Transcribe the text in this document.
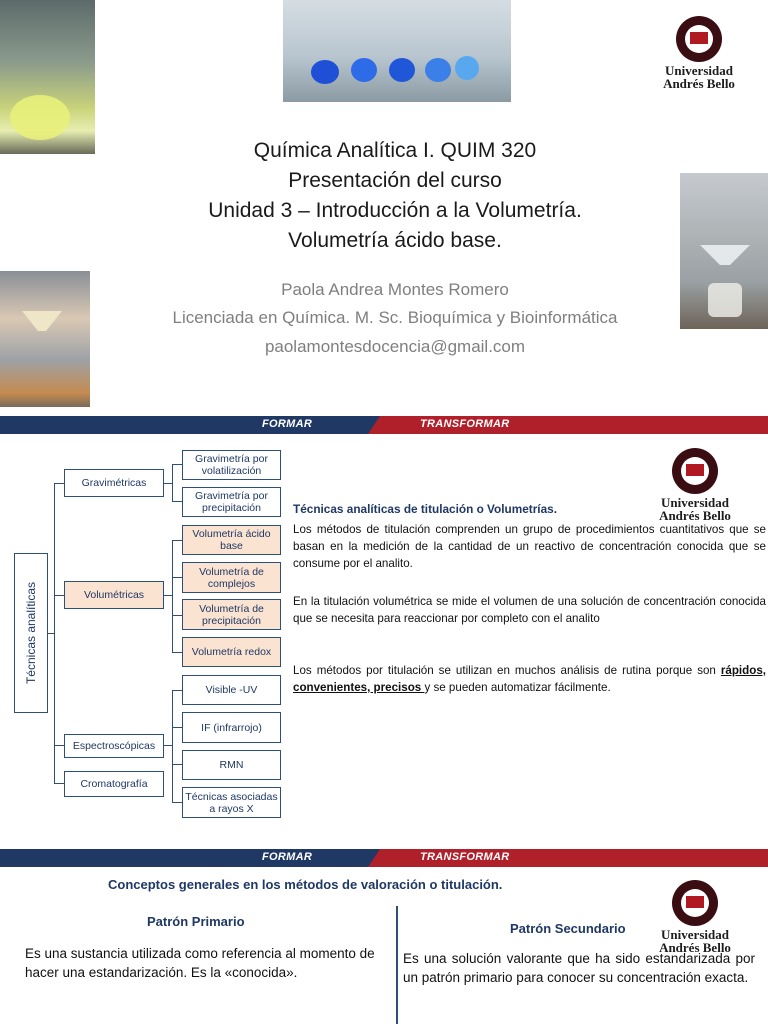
Universidad
Andrés Bello
Química Analítica I. QUIM 320
Presentación del curso
Unidad 3 – Introducción a la Volumetría.
Volumetría ácido base.
Paola Andrea Montes Romero
Licenciada en Química. M. Sc. Bioquímica y Bioinformática
paolamontesdocencia@gmail.com
FORMAR	TRANSFORMAR
Técnicas analíticas
Gravimétricas
Volumétricas
Espectroscópicas
Cromatografía
Gravimetría por volatilización
Gravimetría por precipitación
Volumetría ácido base
Volumetría de complejos
Volumetría de precipitación
Volumetría redox
Visible -UV
IF (infrarrojo)
RMN
Técnicas asociadas a rayos X
Universidad
Andrés Bello
Técnicas analíticas de titulación o Volumetrías.
Los métodos de titulación comprenden un grupo de procedimientos cuantitativos que se basan en la medición de la cantidad de un reactivo de concentración conocida que se consume por el analito.
En la titulación volumétrica se mide el volumen de una solución de concentración conocida que se necesita para reaccionar por completo con el analito
Los métodos por titulación se utilizan en muchos análisis de rutina porque son rápidos, convenientes, precisos y se pueden automatizar fácilmente.
FORMAR	TRANSFORMAR
Conceptos generales en los métodos de valoración o titulación.
Universidad
Andrés Bello
Patrón Primario	Patrón Secundario
Es una sustancia utilizada como referencia al momento de hacer una estandarización. Es la «conocida».
Es una solución valorante que ha sido estandarizada por un patrón primario para conocer su concentración exacta.
